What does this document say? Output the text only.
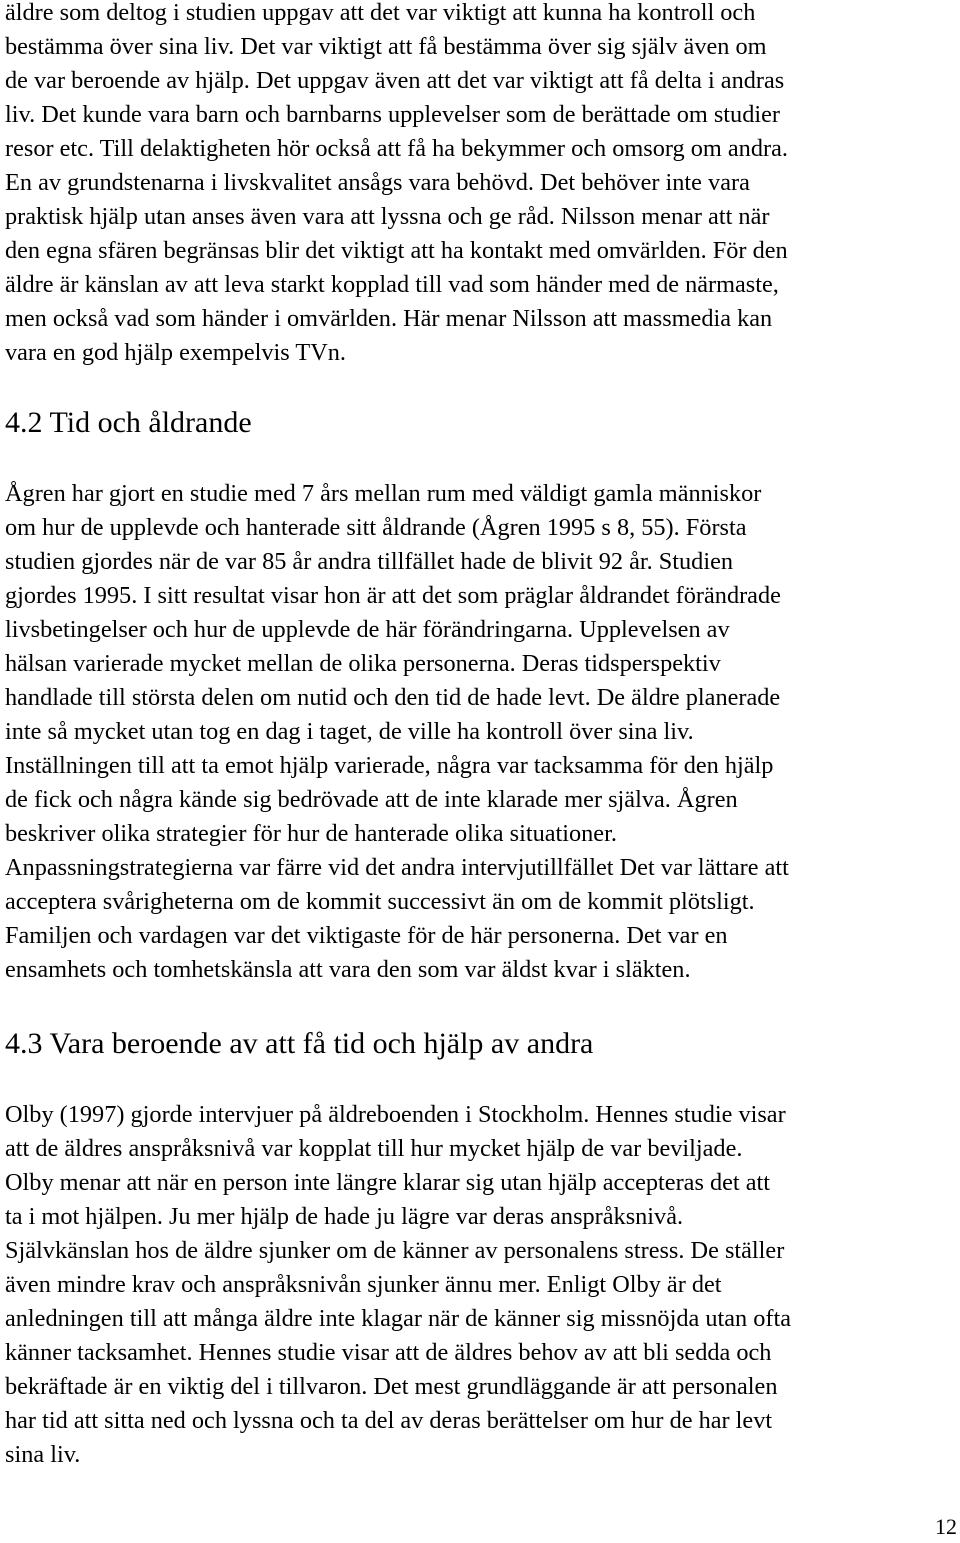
äldre som deltog i studien uppgav att det var viktigt att kunna ha kontroll och
bestämma över sina liv. Det var viktigt att få bestämma över sig själv även om
de var beroende av hjälp. Det uppgav även att det var viktigt att få delta i andras
liv. Det kunde vara barn och barnbarns upplevelser som de berättade om studier
resor etc. Till delaktigheten hör också att få ha bekymmer och omsorg om andra.
En av grundstenarna i livskvalitet ansågs vara behövd. Det behöver inte vara
praktisk hjälp utan anses även vara att lyssna och ge råd. Nilsson menar att när
den egna sfären begränsas blir det viktigt att ha kontakt med omvärlden. För den
äldre är känslan av att leva starkt kopplad till vad som händer med de närmaste,
men också vad som händer i omvärlden. Här menar Nilsson att massmedia kan
vara en god hjälp exempelvis TVn.

4.2 Tid och åldrande

Ågren har gjort en studie med 7 års mellan rum med väldigt gamla människor
om hur de upplevde och hanterade sitt åldrande (Ågren 1995 s 8, 55). Första
studien gjordes när de var 85 år andra tillfället hade de blivit 92 år. Studien
gjordes 1995. I sitt resultat visar hon är att det som präglar åldrandet förändrade
livsbetingelser och hur de upplevde de här förändringarna. Upplevelsen av
hälsan varierade mycket mellan de olika personerna. Deras tidsperspektiv
handlade till största delen om nutid och den tid de hade levt. De äldre planerade
inte så mycket utan tog en dag i taget, de ville ha kontroll över sina liv.
Inställningen till att ta emot hjälp varierade, några var tacksamma för den hjälp
de fick och några kände sig bedrövade att de inte klarade mer själva. Ågren
beskriver olika strategier för hur de hanterade olika situationer.
Anpassningstrategierna var färre vid det andra intervjutillfället Det var lättare att
acceptera svårigheterna om de kommit successivt än om de kommit plötsligt.
Familjen och vardagen var det viktigaste för de här personerna. Det var en
ensamhets och tomhetskänsla att vara den som var äldst kvar i släkten.

4.3 Vara beroende av att få tid och hjälp av andra

Olby (1997) gjorde intervjuer på äldreboenden i Stockholm. Hennes studie visar
att de äldres anspråksnivå var kopplat till hur mycket hjälp de var beviljade.
Olby menar att när en person inte längre klarar sig utan hjälp accepteras det att
ta i mot hjälpen. Ju mer hjälp de hade ju lägre var deras anspråksnivå.
Självkänslan hos de äldre sjunker om de känner av personalens stress. De ställer
även mindre krav och anspråksnivån sjunker ännu mer. Enligt Olby är det
anledningen till att många äldre inte klagar när de känner sig missnöjda utan ofta
känner tacksamhet. Hennes studie visar att de äldres behov av att bli sedda och
bekräftade är en viktig del i tillvaron. Det mest grundläggande är att personalen
har tid att sitta ned och lyssna och ta del av deras berättelser om hur de har levt
sina liv.

12
